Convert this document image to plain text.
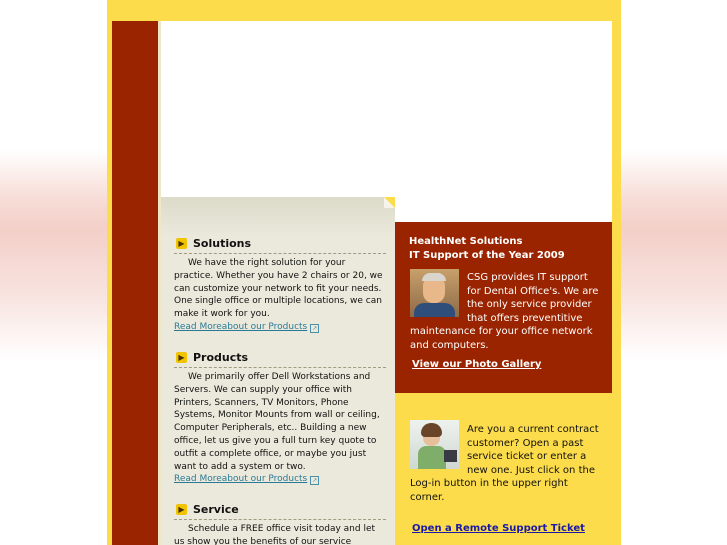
▶ Solutions

We have the right solution for your practice. Whether you have 2 chairs or 20, we can customize your network to fit your needs. One single office or multiple locations, we can make it work for you.

Read Moreabout our Products ↗
▶ Products

We primarily offer Dell Workstations and Servers. We can supply your office with Printers, Scanners, TV Monitors, Phone Systems, Monitor Mounts from wall or ceiling, Computer Peripherals, etc.. Building a new office, let us give you a full turn key quote to outfit a complete office, or maybe you just want to add a system or two.

Read Moreabout our Products ↗
▶ Service

Schedule a FREE office visit today and let us show you the benefits of our service

HealthNet Solutions
IT Support of the Year 2009
CSG provides IT support for Dental Office's. We are the only service provider that offers preventitive maintenance for your office network and computers.
View our Photo Gallery
Are you a current contract customer? Open a past service ticket or enter a new one. Just click on the Log-in button in the upper right corner.
Open a Remote Support Ticket
